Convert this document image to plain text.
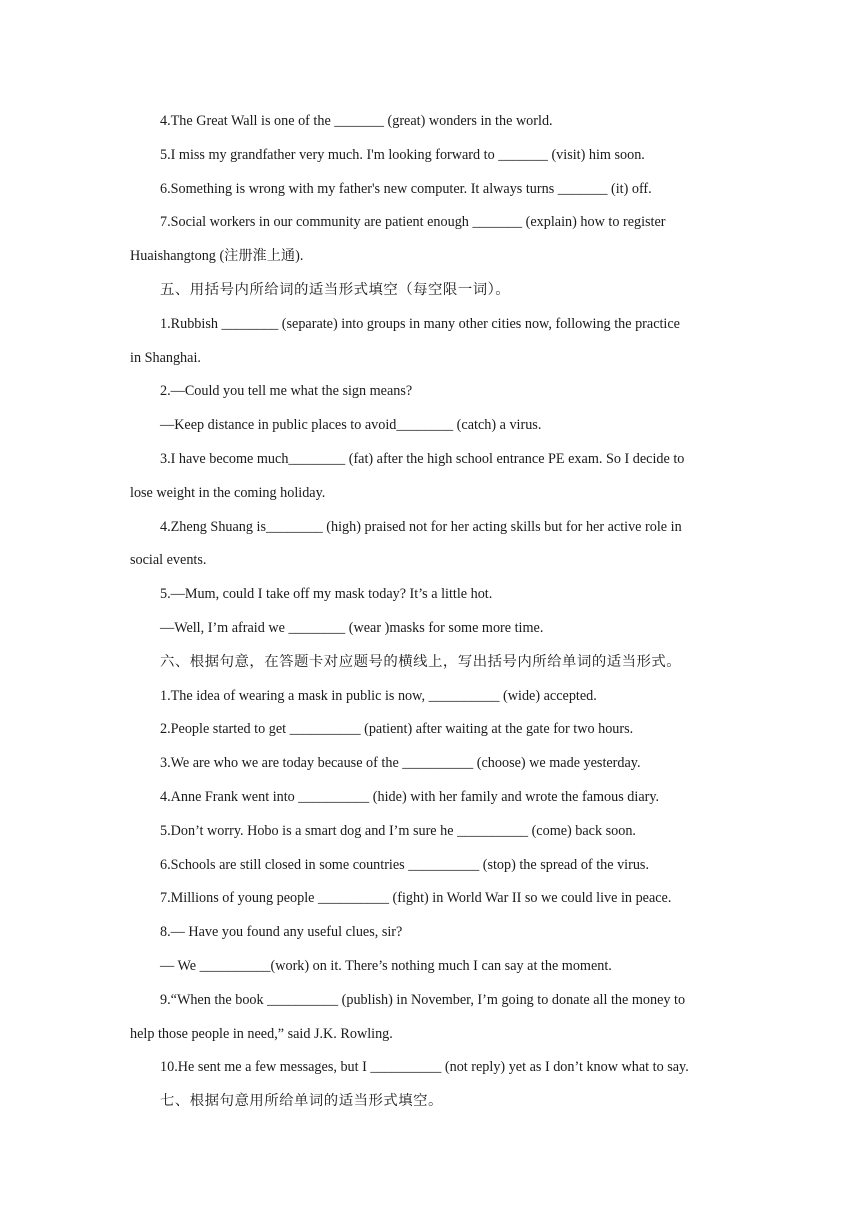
4.The Great Wall is one of the _______ (great) wonders in the world.
5.I miss my grandfather very much. I'm looking forward to _______ (visit) him soon.
6.Something is wrong with my father's new computer. It always turns _______ (it) off.
7.Social workers in our community are patient enough _______ (explain) how to register
Huaishangtong (注册淮上通).
五、用括号内所给词的适当形式填空（每空限一词）。
1.Rubbish ________ (separate) into groups in many other cities now, following the practice
in Shanghai.
2.—Could you tell me what the sign means?
—Keep distance in public places to avoid________ (catch) a virus.
3.I have become much________ (fat) after the high school entrance PE exam. So I decide to
lose weight in the coming holiday.
4.Zheng Shuang is________ (high) praised not for her acting skills but for her active role in
social events.
5.—Mum, could I take off my mask today? It’s a little hot.
—Well, I’m afraid we ________ (wear )masks for some more time.
六、根据句意，在答题卡对应题号的横线上，写出括号内所给单词的适当形式。
1.The idea of wearing a mask in public is now, __________ (wide) accepted.
2.People started to get __________ (patient) after waiting at the gate for two hours.
3.We are who we are today because of the __________ (choose) we made yesterday.
4.Anne Frank went into __________ (hide) with her family and wrote the famous diary.
5.Don’t worry. Hobo is a smart dog and I’m sure he __________ (come) back soon.
6.Schools are still closed in some countries __________ (stop) the spread of the virus.
7.Millions of young people __________ (fight) in World War II so we could live in peace.
8.— Have you found any useful clues, sir?
— We __________(work) on it. There’s nothing much I can say at the moment.
9.“When the book __________ (publish) in November, I’m going to donate all the money to
help those people in need,” said J.K. Rowling.
10.He sent me a few messages, but I __________ (not reply) yet as I don’t know what to say.
七、根据句意用所给单词的适当形式填空。
